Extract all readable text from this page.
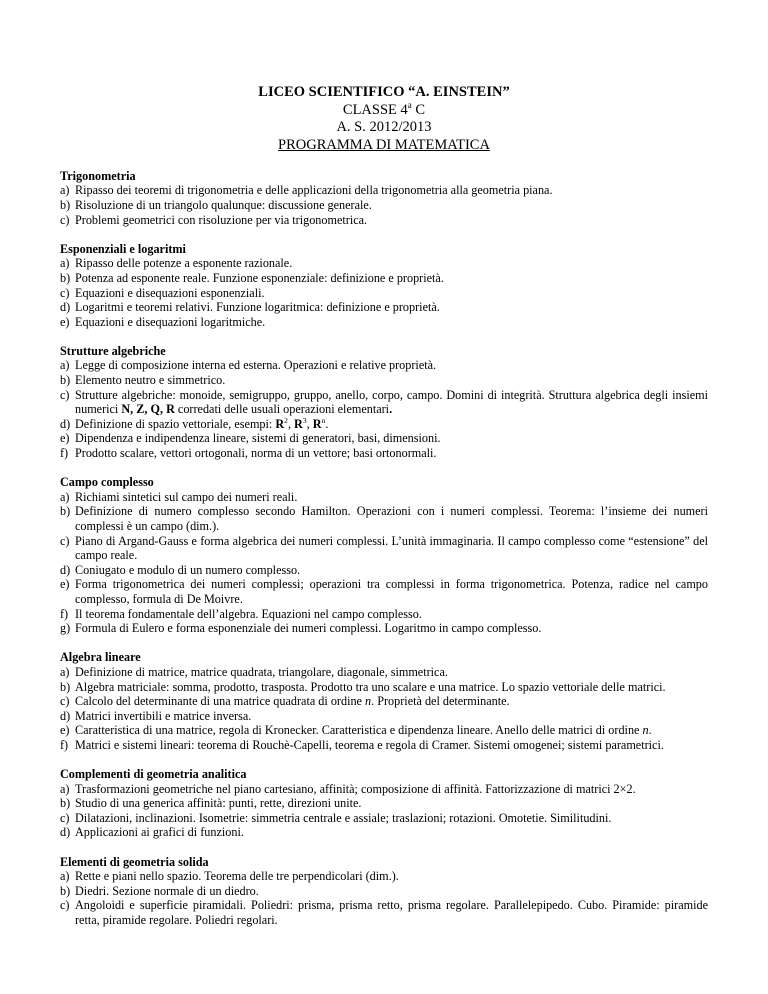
LICEO SCIENTIFICO “A. EINSTEIN”
CLASSE 4$^a$ C
A. S. 2012/2013
PROGRAMMA DI MATEMATICA
Trigonometria
a) Ripasso dei teoremi di trigonometria e delle applicazioni della trigonometria alla geometria piana.
b) Risoluzione di un triangolo qualunque: discussione generale.
c) Problemi geometrici con risoluzione per via trigonometrica.
Esponenziali e logaritmi
a) Ripasso delle potenze a esponente razionale.
b) Potenza ad esponente reale. Funzione esponenziale: definizione e proprietà.
c) Equazioni e disequazioni esponenziali.
d) Logaritmi e teoremi relativi. Funzione logaritmica: definizione e proprietà.
e) Equazioni e disequazioni logaritmiche.
Strutture algebriche
a) Legge di composizione interna ed esterna. Operazioni e relative proprietà.
b) Elemento neutro e simmetrico.
c) Strutture algebriche: monoide, semigruppo, gruppo, anello, corpo, campo. Domini di integrità. Struttura algebrica degli insiemi numerici N, Z, Q, R corredati delle usuali operazioni elementari.
d) Definizione di spazio vettoriale, esempi: $R^2$, $R^3$, $R^n$.
e) Dipendenza e indipendenza lineare, sistemi di generatori, basi, dimensioni.
f) Prodotto scalare, vettori ortogonali, norma di un vettore; basi ortonormali.
Campo complesso
a) Richiami sintetici sul campo dei numeri reali.
b) Definizione di numero complesso secondo Hamilton. Operazioni con i numeri complessi. Teorema: l’insieme dei numeri complessi è un campo (dim.).
c) Piano di Argand-Gauss e forma algebrica dei numeri complessi. L’unità immaginaria. Il campo complesso come “estensione” del campo reale.
d) Coniugato e modulo di un numero complesso.
e) Forma trigonometrica dei numeri complessi; operazioni tra complessi in forma trigonometrica. Potenza, radice nel campo complesso, formula di De Moivre.
f) Il teorema fondamentale dell’algebra. Equazioni nel campo complesso.
g) Formula di Eulero e forma esponenziale dei numeri complessi. Logaritmo in campo complesso.
Algebra lineare
a) Definizione di matrice, matrice quadrata, triangolare, diagonale, simmetrica.
b) Algebra matriciale: somma, prodotto, trasposta. Prodotto tra uno scalare e una matrice. Lo spazio vettoriale delle matrici.
c) Calcolo del determinante di una matrice quadrata di ordine n. Proprietà del determinante.
d) Matrici invertibili e matrice inversa.
e) Caratteristica di una matrice, regola di Kronecker. Caratteristica e dipendenza lineare. Anello delle matrici di ordine n.
f) Matrici e sistemi lineari: teorema di Rouchè-Capelli, teorema e regola di Cramer. Sistemi omogenei; sistemi parametrici.
Complementi di geometria analitica
a) Trasformazioni geometriche nel piano cartesiano, affinità; composizione di affinità. Fattorizzazione di matrici 2×2.
b) Studio di una generica affinità: punti, rette, direzioni unite.
c) Dilatazioni, inclinazioni. Isometrie: simmetria centrale e assiale; traslazioni; rotazioni. Omotetie. Similitudini.
d) Applicazioni ai grafici di funzioni.
Elementi di geometria solida
a) Rette e piani nello spazio. Teorema delle tre perpendicolari (dim.).
b) Diedri. Sezione normale di un diedro.
c) Angoloidi e superficie piramidali. Poliedri: prisma, prisma retto, prisma regolare. Parallelepipedo. Cubo. Piramide: piramide retta, piramide regolare. Poliedri regolari.
